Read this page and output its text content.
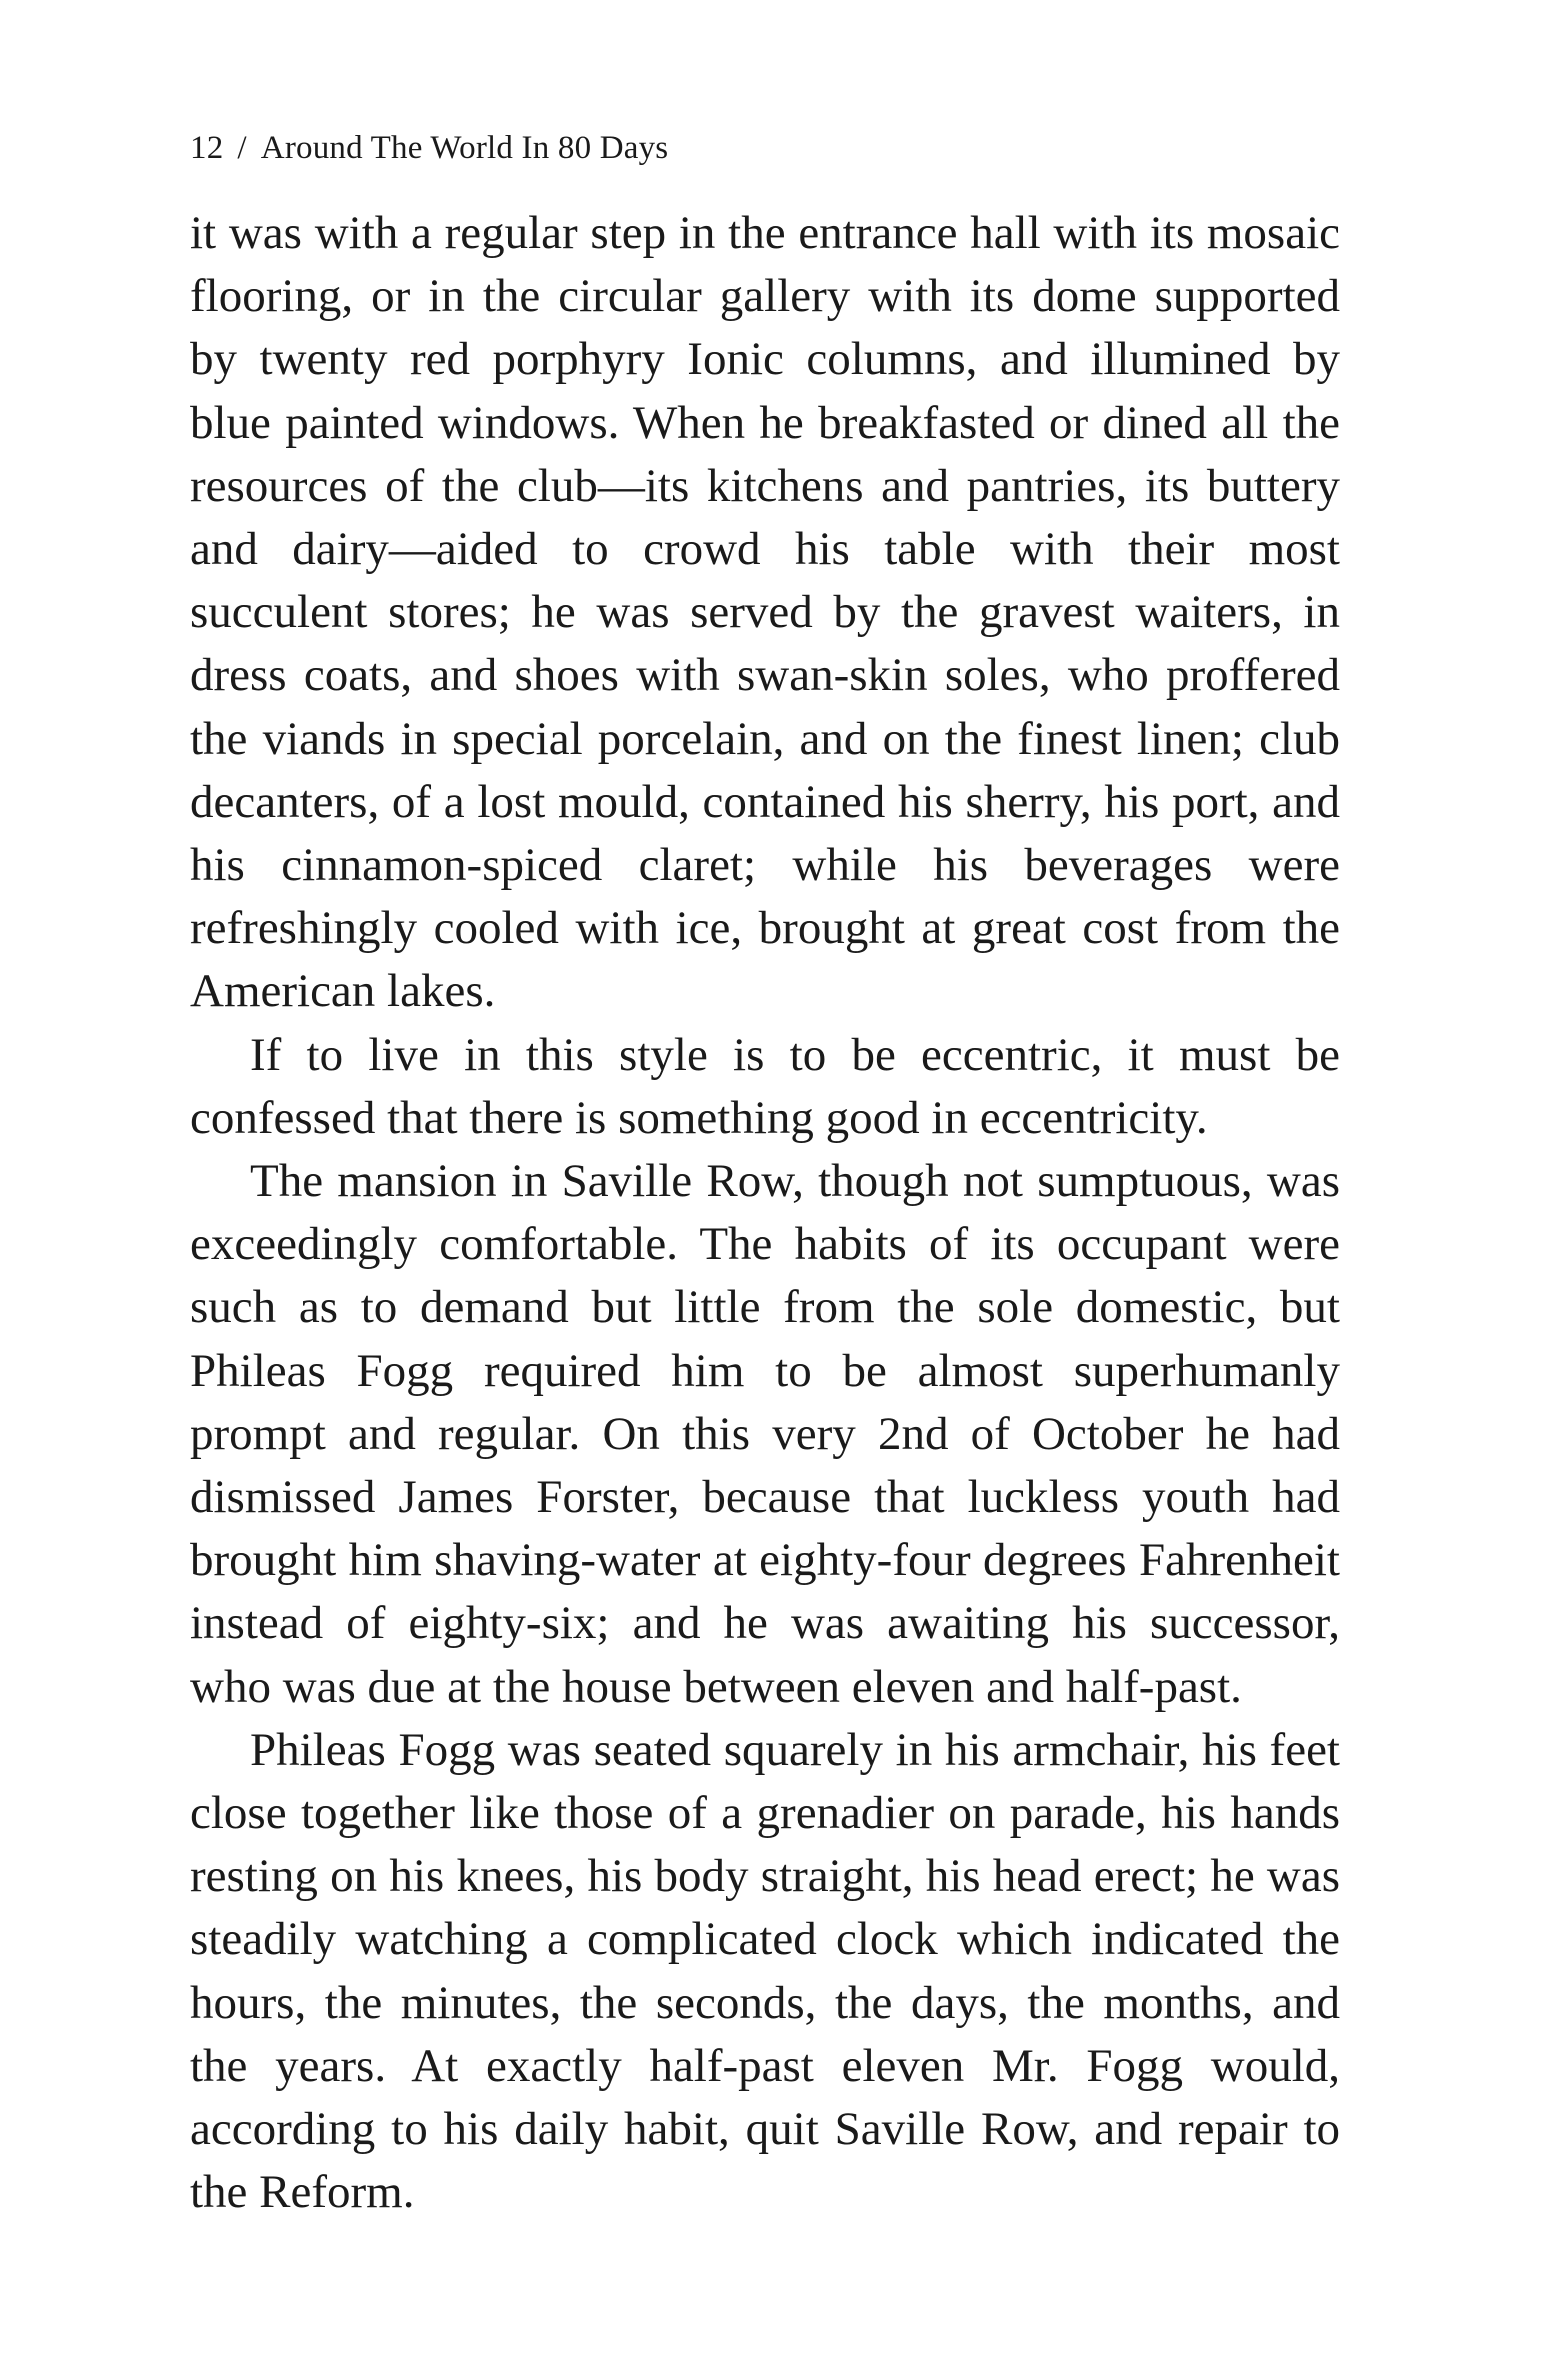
12 / Around The World In 80 Days

it was with a regular step in the entrance hall with its mosaic flooring, or in the circular gallery with its dome supported by twenty red porphyry Ionic columns, and illumined by blue painted windows. When he breakfasted or dined all the resources of the club—its kitchens and pantries, its buttery and dairy—aided to crowd his table with their most succulent stores; he was served by the gravest waiters, in dress coats, and shoes with swan-skin soles, who proffered the viands in special porcelain, and on the finest linen; club decanters, of a lost mould, contained his sherry, his port, and his cinnamon-spiced claret; while his beverages were refreshingly cooled with ice, brought at great cost from the American lakes.

If to live in this style is to be eccentric, it must be confessed that there is something good in eccentricity.

The mansion in Saville Row, though not sumptuous, was exceedingly comfortable. The habits of its occupant were such as to demand but little from the sole domestic, but Phileas Fogg required him to be almost superhumanly prompt and regular. On this very 2nd of October he had dismissed James Forster, because that luckless youth had brought him shaving-water at eighty-four degrees Fahrenheit instead of eighty-six; and he was awaiting his successor, who was due at the house between eleven and half-past.

Phileas Fogg was seated squarely in his armchair, his feet close together like those of a grenadier on parade, his hands resting on his knees, his body straight, his head erect; he was steadily watching a complicated clock which indicated the hours, the minutes, the seconds, the days, the months, and the years. At exactly half-past eleven Mr. Fogg would, according to his daily habit, quit Saville Row, and repair to the Reform.
